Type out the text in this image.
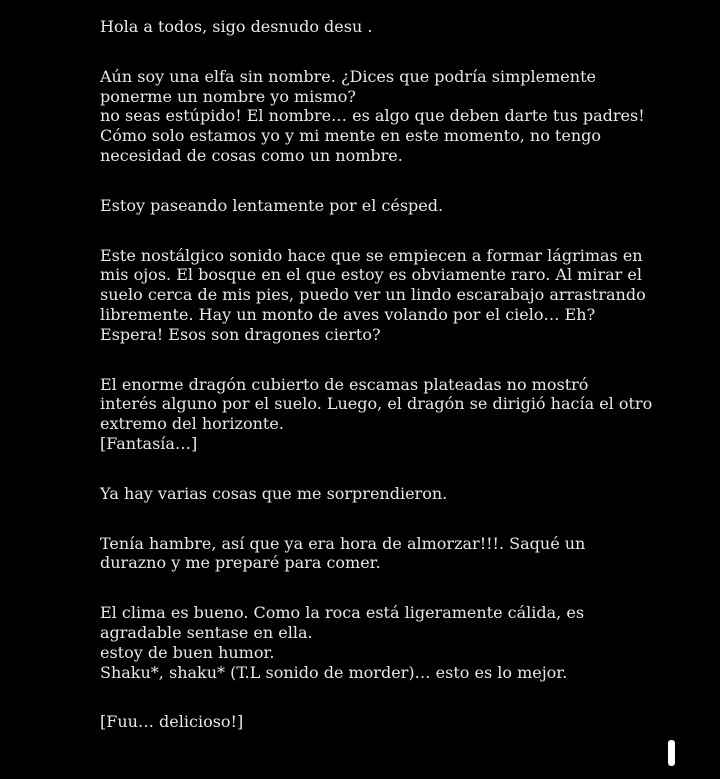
Hola a todos, sigo desnudo desu .

Aún soy una elfa sin nombre. ¿Dices que podría simplemente
ponerme un nombre yo mismo?
no seas estúpido! El nombre… es algo que deben darte tus padres!
Cómo solo estamos yo y mi mente en este momento, no tengo
necesidad de cosas como un nombre.

Estoy paseando lentamente por el césped.

Este nostálgico sonido hace que se empiecen a formar lágrimas en
mis ojos. El bosque en el que estoy es obviamente raro. Al mirar el
suelo cerca de mis pies, puedo ver un lindo escarabajo arrastrando
libremente. Hay un monto de aves volando por el cielo… Eh?
Espera! Esos son dragones cierto?

El enorme dragón cubierto de escamas plateadas no mostró
interés alguno por el suelo. Luego, el dragón se dirigió hacía el otro
extremo del horizonte.
[Fantasía…]

Ya hay varias cosas que me sorprendieron.

Tenía hambre, así que ya era hora de almorzar!!!. Saqué un
durazno y me preparé para comer.

El clima es bueno. Como la roca está ligeramente cálida, es
agradable sentase en ella.
estoy de buen humor.
Shaku*, shaku* (T.L sonido de morder)… esto es lo mejor.

[Fuu… delicioso!]
